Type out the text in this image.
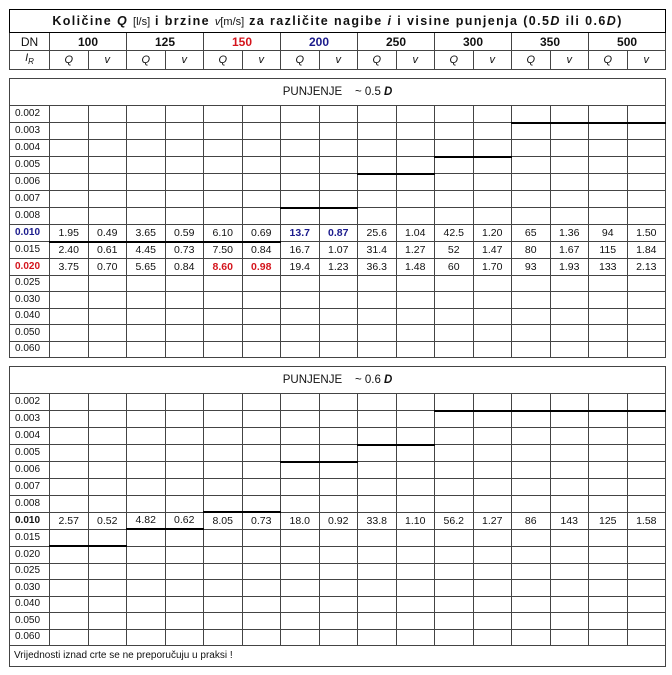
Količine Q [l/s] i brzine v[m/s] za različite nagibe i i visine punjenja (0.5D ili 0.6D)																
DN	100		125		150		200		250		300		350		500	
$I_R$	Q	v	Q	v	Q	v	Q	v	Q	v	Q	v	Q	v	Q	v

PUNJENJE    ~ 0.5 D																
0.002																
0.003																
0.004																
0.005																
0.006																
0.007																
0.008																
0.010	1.95	0.49	3.65	0.59	6.10	0.69	13.7	0.87	25.6	1.04	42.5	1.20	65	1.36	94	1.50
0.015	2.40	0.61	4.45	0.73	7.50	0.84	16.7	1.07	31.4	1.27	52	1.47	80	1.67	115	1.84
0.020	3.75	0.70	5.65	0.84	8.60	0.98	19.4	1.23	36.3	1.48	60	1.70	93	1.93	133	2.13
0.025																
0.030																
0.040																
0.050																
0.060																

PUNJENJE    ~ 0.6 D																
0.002																
0.003																
0.004																
0.005																
0.006																
0.007																
0.008																
0.010	2.57	0.52	4.82	0.62	8.05	0.73	18.0	0.92	33.8	1.10	56.2	1.27	86	143	125	1.58
0.015																
0.020																
0.025																
0.030																
0.040																
0.050																
0.060																
Vrijednosti iznad crte se ne preporučuju u praksi !																
